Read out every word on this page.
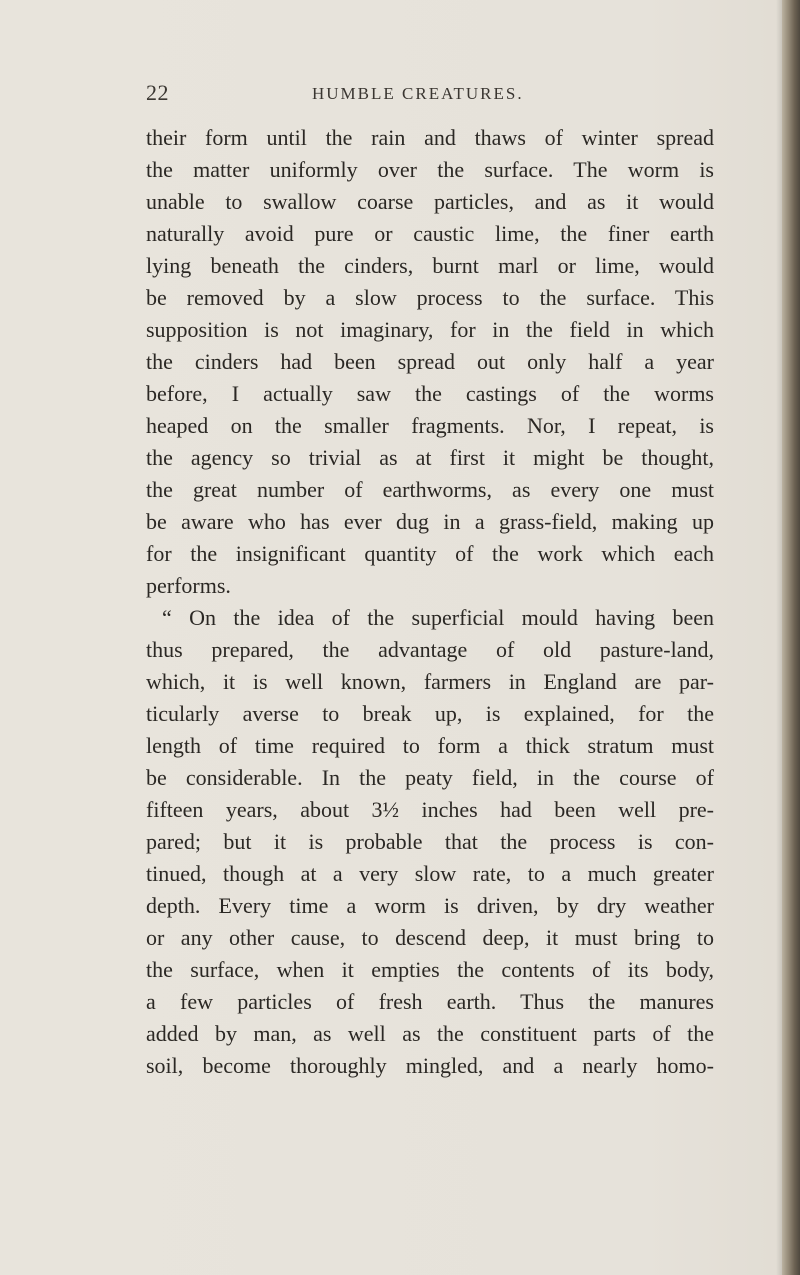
22	HUMBLE CREATURES.
their form until the rain and thaws of winter spread
the matter uniformly over the surface. The worm is
unable to swallow coarse particles, and as it would
naturally avoid pure or caustic lime, the finer earth
lying beneath the cinders, burnt marl or lime, would
be removed by a slow process to the surface. This
supposition is not imaginary, for in the field in which
the cinders had been spread out only half a year
before, I actually saw the castings of the worms
heaped on the smaller fragments. Nor, I repeat, is
the agency so trivial as at first it might be thought,
the great number of earthworms, as every one must
be aware who has ever dug in a grass-field, making up
for the insignificant quantity of the work which each
performs.
“ On the idea of the superficial mould having been
thus prepared, the advantage of old pasture-land,
which, it is well known, farmers in England are par-
ticularly averse to break up, is explained, for the
length of time required to form a thick stratum must
be considerable. In the peaty field, in the course of
fifteen years, about 3½ inches had been well pre-
pared; but it is probable that the process is con-
tinued, though at a very slow rate, to a much greater
depth. Every time a worm is driven, by dry weather
or any other cause, to descend deep, it must bring to
the surface, when it empties the contents of its body,
a few particles of fresh earth. Thus the manures
added by man, as well as the constituent parts of the
soil, become thoroughly mingled, and a nearly homo-
